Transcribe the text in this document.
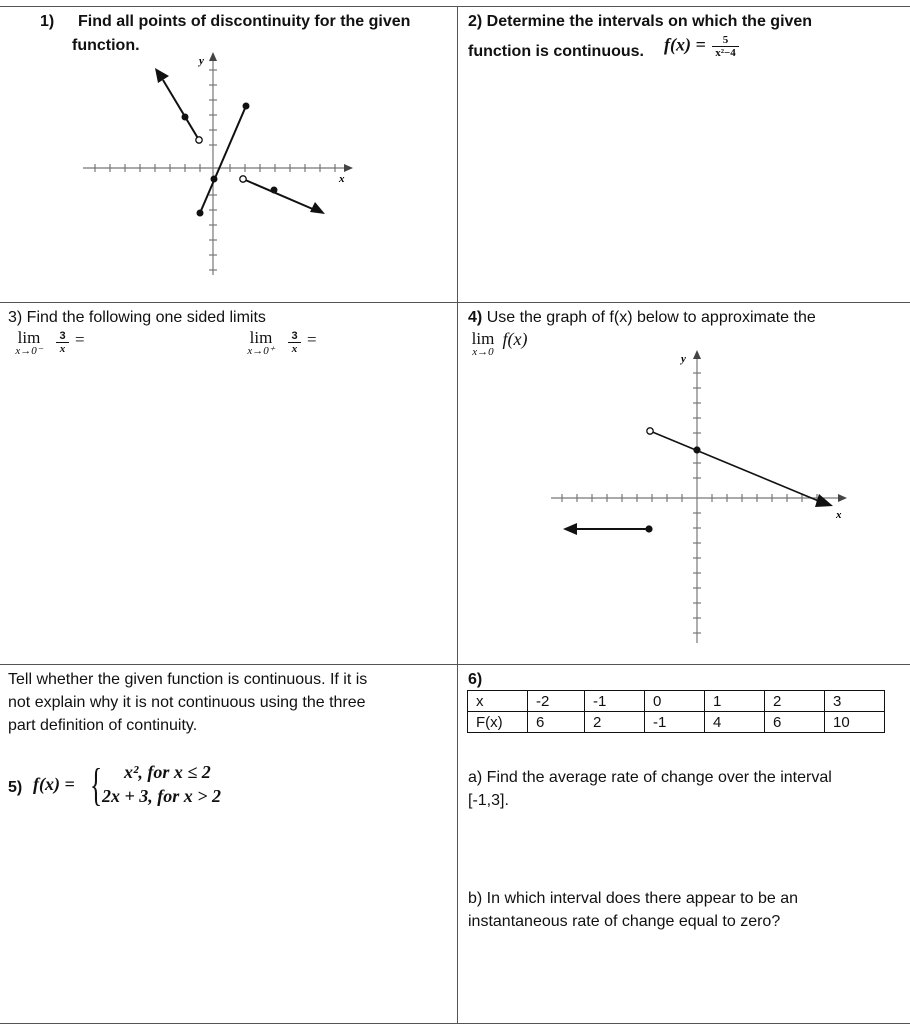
1) Find all points of discontinuity for the given
function.
x
y
2) Determine the intervals on which the given
function is continuous. $f(x) = \frac{5}{\text{x²−4}}$
3) Find the following one sided limits
lim
x→0⁻
	$\frac{3}{x}$ =	lim
x→0⁺
	$\frac{3}{x}$ =
4) Use the graph of f(x) below to approximate the
lim
x→0
f(x)
x
y
Tell whether the given function is continuous. If it is
not explain why it is not continuous using the three
part definition of continuity.
5) f(x) = { x², for x ≤ 2
2x + 3, for x > 2
6)
x	-2	-1	0	1	2	3
F(x)	6	2	-1	4	6	10
a) Find the average rate of change over the interval
[-1,3].
b) In which interval does there appear to be an
instantaneous rate of change equal to zero?
